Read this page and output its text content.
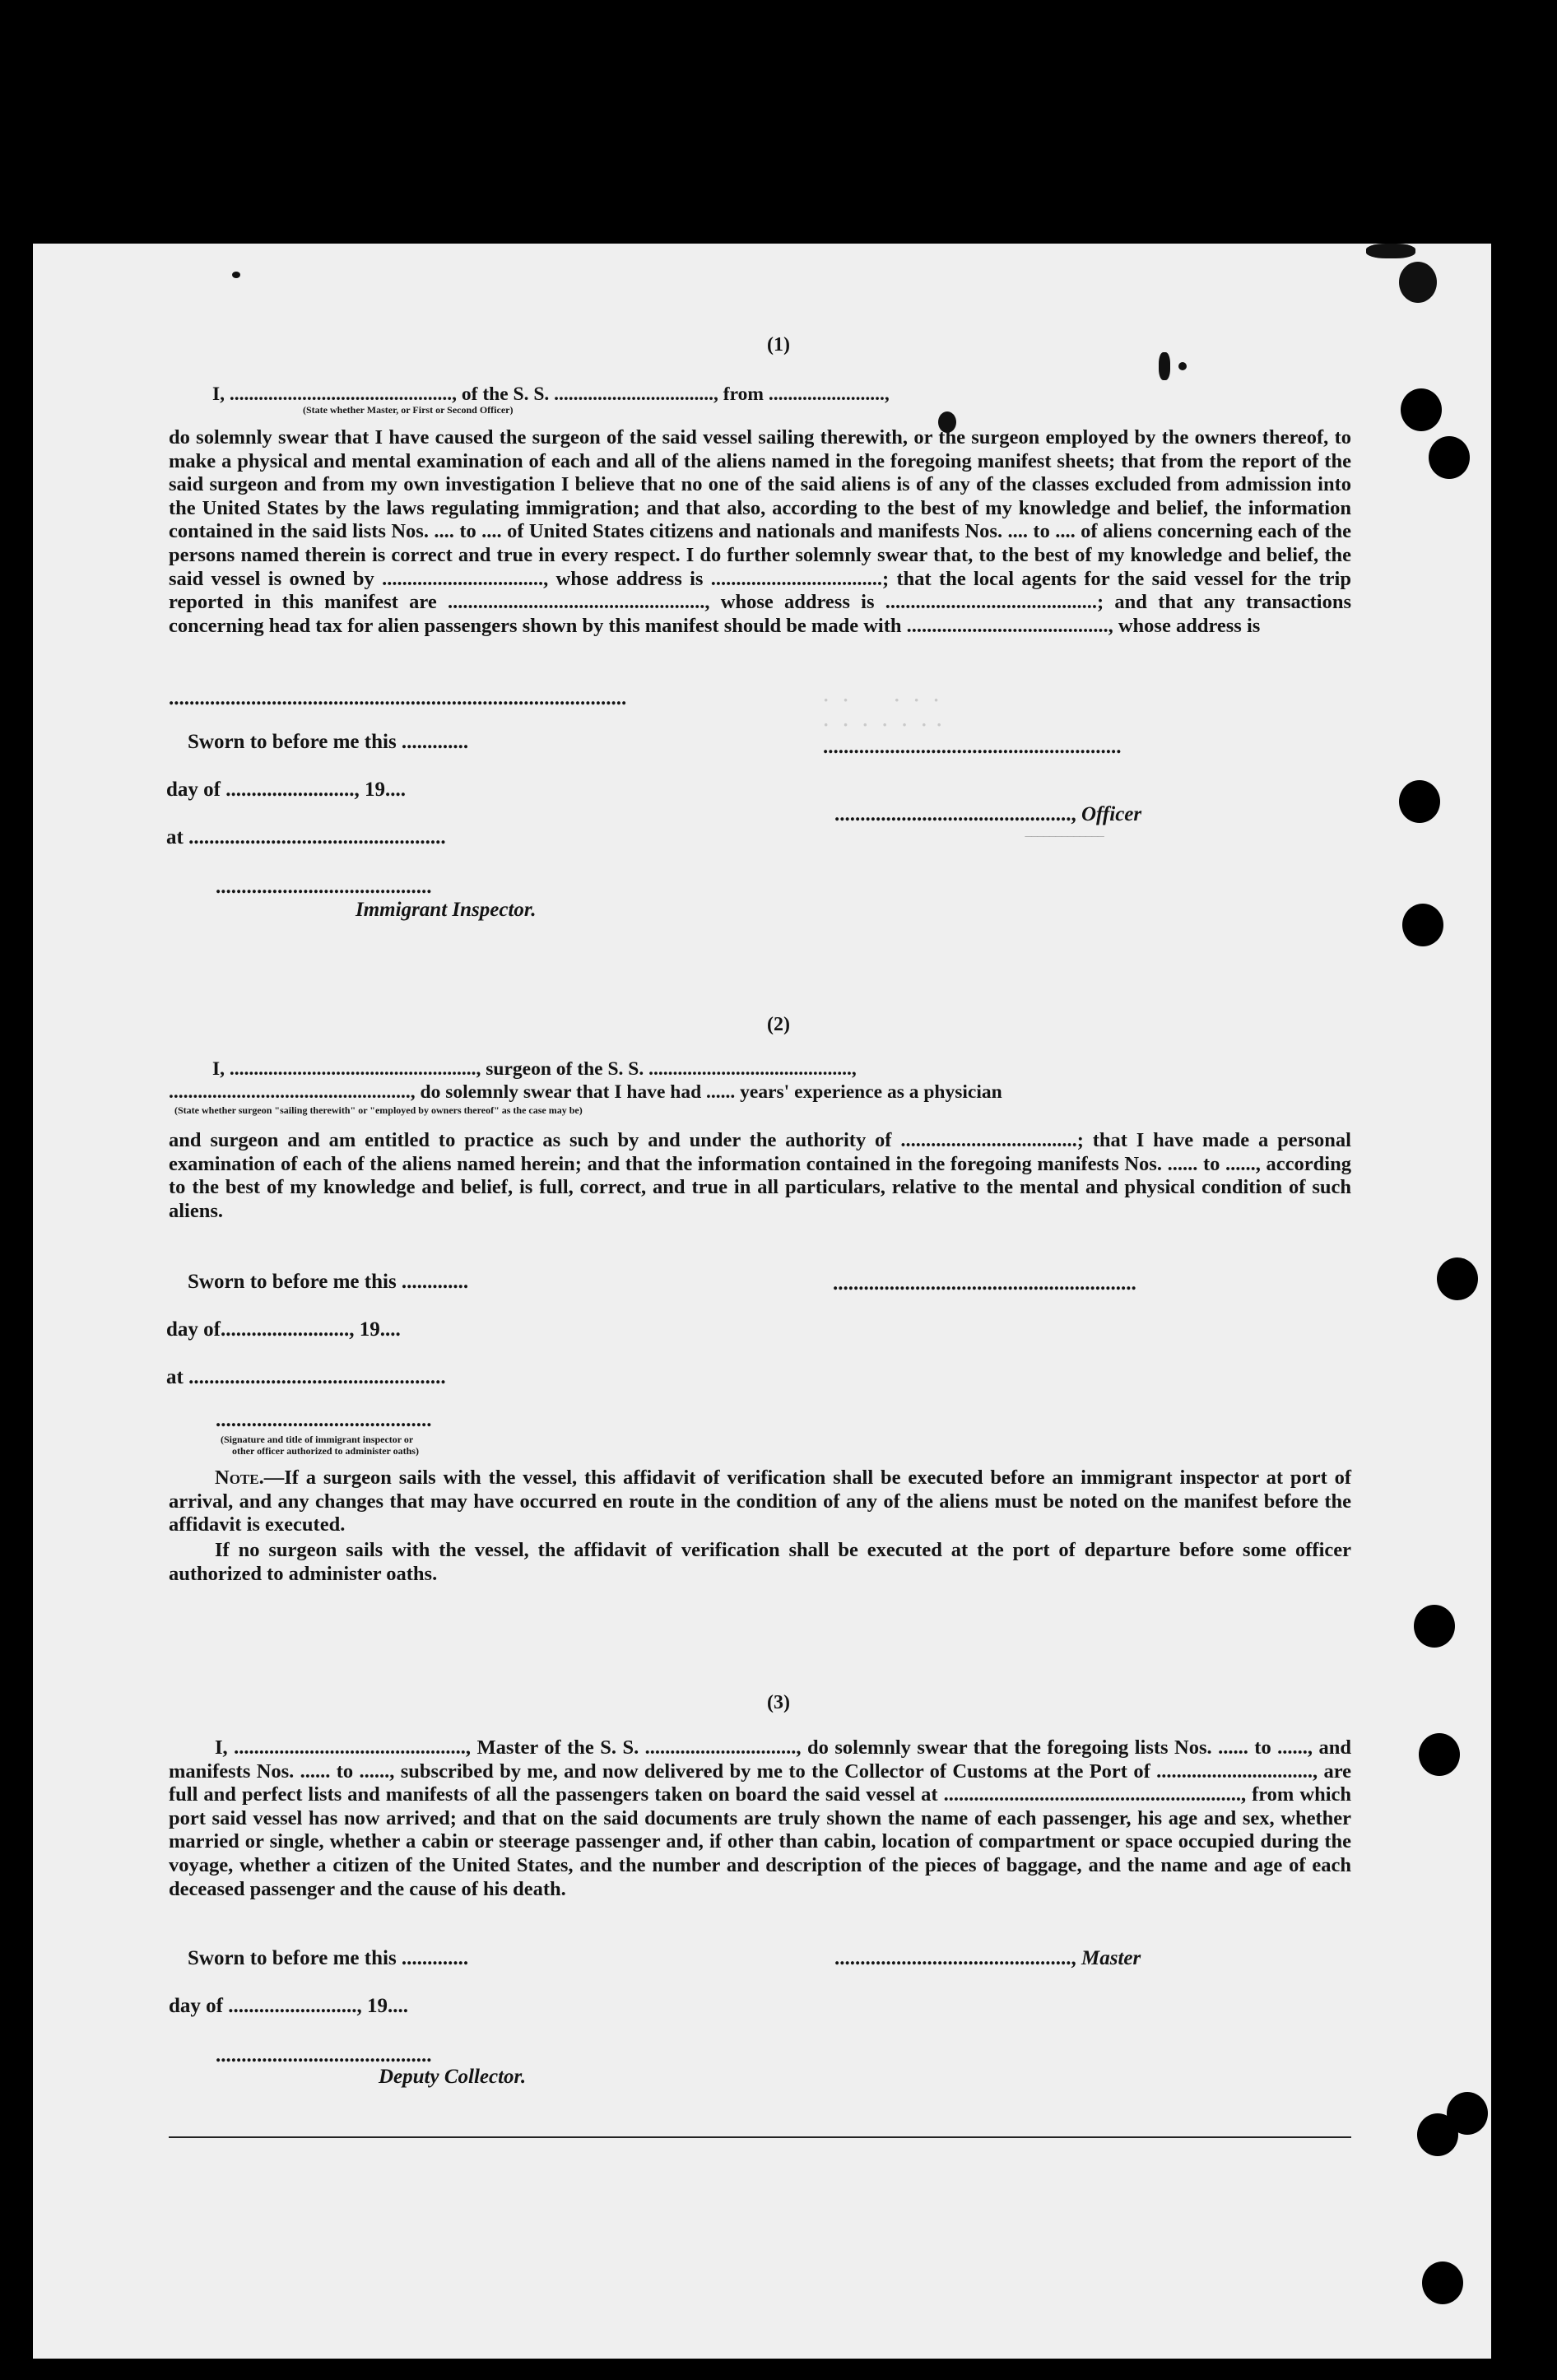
(1)
I, .............................................., of the S. S. ................................., from ........................,
(State whether Master, or First or Second Officer)

do solemnly swear that I have caused the surgeon of the said vessel sailing therewith, or the surgeon employed by the owners thereof, to make a physical and mental examination of each and all of the aliens named in the foregoing manifest sheets; that from the report of the said surgeon and from my own investigation I believe that no one of the said aliens is of any of the classes excluded from admission into the United States by the laws regulating immigration; and that also, according to the best of my knowledge and belief, the information contained in the said lists Nos. .... to .... of United States citizens and nationals and manifests Nos. .... to .... of aliens concerning each of the persons named therein is correct and true in every respect. I do further solemnly swear that, to the best of my knowledge and belief, the said vessel is owned by ................................, whose address is ..................................; that the local agents for the said vessel for the trip reported in this manifest are ..................................................., whose address is ..........................................; and that any transactions concerning head tax for alien passengers shown by this manifest should be made with ........................................, whose address is

.........................................................................................	·   ·          ·   ·   ·
·   ·   ·   ·   ·   ·  ·
Sworn to before me this .............	..........................................................
day of ........................., 19....
.............................................., Officer
at ..................................................	‾‾‾‾‾‾‾‾‾‾‾‾‾
..........................................
Immigrant Inspector.
(2)
I, ..................................................., surgeon of the S. S. ..........................................,
.................................................., do solemnly swear that I have had ...... years' experience as a physician
(State whether surgeon "sailing therewith" or "employed by owners thereof" as the case may be)

and surgeon and am entitled to practice as such by and under the authority of ...................................; that I have made a personal examination of each of the aliens named herein; and that the information contained in the foregoing manifests Nos. ...... to ......, according to the best of my knowledge and belief, is full, correct, and true in all particulars, relative to the mental and physical condition of such aliens.

Sworn to before me this .............	...........................................................
day of........................., 19....
at ..................................................
..........................................
(Signature and title of immigrant inspector or
other officer authorized to administer oaths)

Note.—If a surgeon sails with the vessel, this affidavit of verification shall be executed before an immigrant inspector at port of arrival, and any changes that may have occurred en route in the condition of any of the aliens must be noted on the manifest before the affidavit is executed.

If no surgeon sails with the vessel, the affidavit of verification shall be executed at the port of departure before some officer authorized to administer oaths.

(3)

I, .............................................., Master of the S. S. .............................., do solemnly swear that the foregoing lists Nos. ...... to ......, and manifests Nos. ...... to ......, subscribed by me, and now delivered by me to the Collector of Customs at the Port of ..............................., are full and perfect lists and manifests of all the passengers taken on board the said vessel at ..........................................................., from which port said vessel has now arrived; and that on the said documents are truly shown the name of each passenger, his age and sex, whether married or single, whether a cabin or steerage passenger and, if other than cabin, location of compartment or space occupied during the voyage, whether a citizen of the United States, and the number and description of the pieces of baggage, and the name and age of each deceased passenger and the cause of his death.

Sworn to before me this .............	.............................................., Master
day of ........................., 19....
..........................................
Deputy Collector.
